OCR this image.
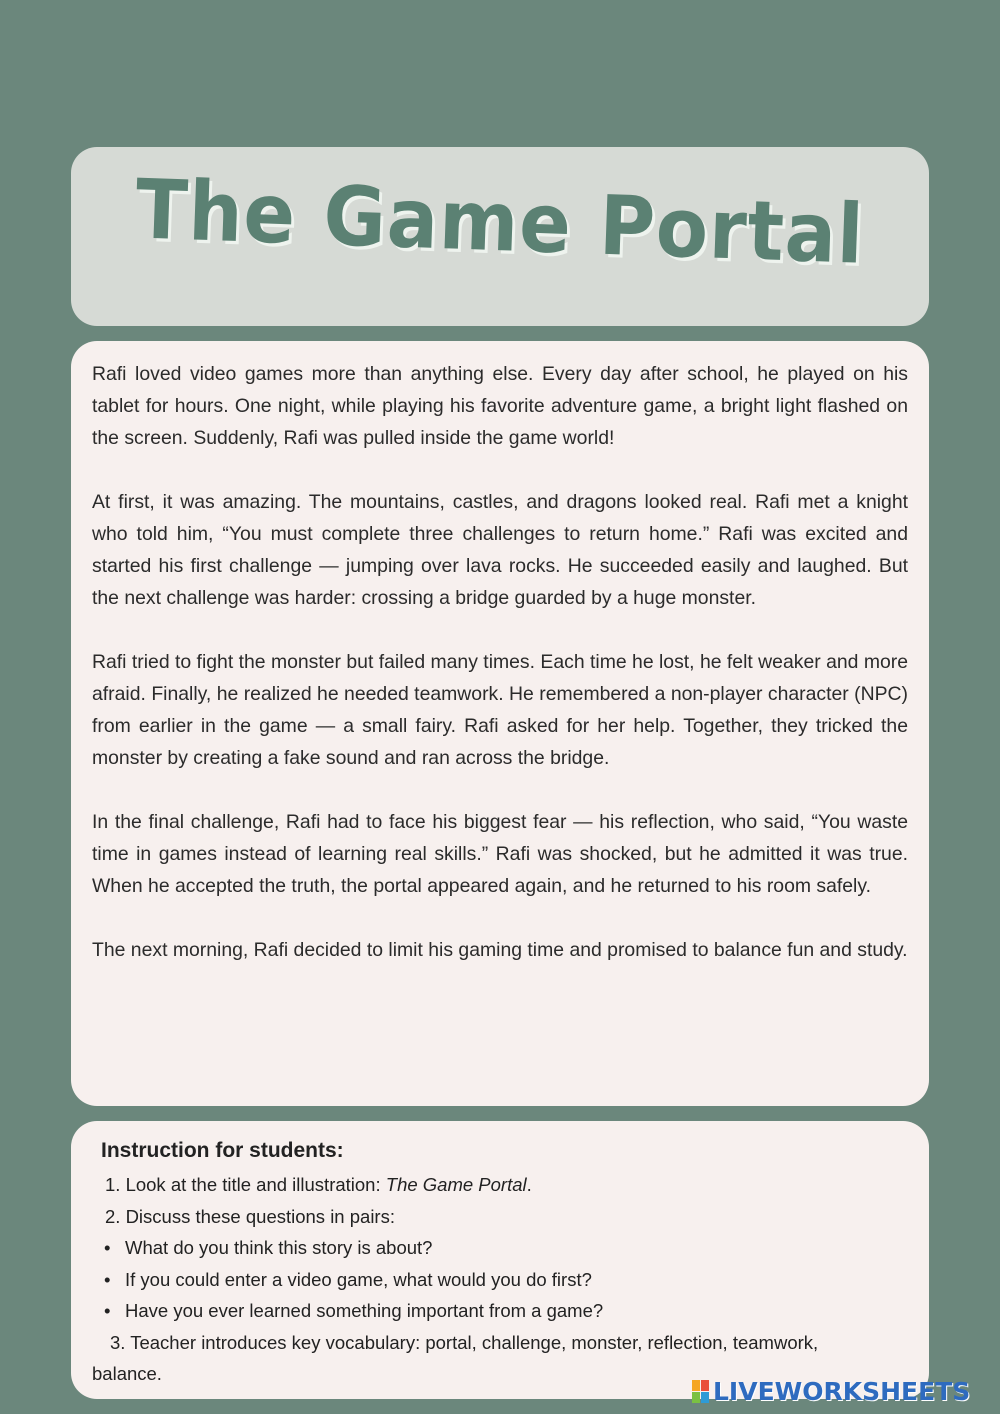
The Game Portal

Rafi loved video games more than anything else. Every day after school, he played on his tablet for hours. One night, while playing his favorite adventure game, a bright light flashed on the screen. Suddenly, Rafi was pulled inside the game world!

At first, it was amazing. The mountains, castles, and dragons looked real. Rafi met a knight who told him, “You must complete three challenges to return home.” Rafi was excited and started his first challenge — jumping over lava rocks. He succeeded easily and laughed. But the next challenge was harder: crossing a bridge guarded by a huge monster.

Rafi tried to fight the monster but failed many times. Each time he lost, he felt weaker and more afraid. Finally, he realized he needed teamwork. He remembered a non-player character (NPC) from earlier in the game — a small fairy. Rafi asked for her help. Together, they tricked the monster by creating a fake sound and ran across the bridge.

In the final challenge, Rafi had to face his biggest fear — his reflection, who said, “You waste time in games instead of learning real skills.” Rafi was shocked, but he admitted it was true. When he accepted the truth, the portal appeared again, and he returned to his room safely.

The next morning, Rafi decided to limit his gaming time and promised to balance fun and study.

Instruction for students:
1. Look at the title and illustration: The Game Portal.
2. Discuss these questions in pairs:
• What do you think this story is about?
• If you could enter a video game, what would you do first?
• Have you ever learned something important from a game?
3. Teacher introduces key vocabulary: portal, challenge, monster, reflection, teamwork,
balance.
LIVEWORKSHEETS
